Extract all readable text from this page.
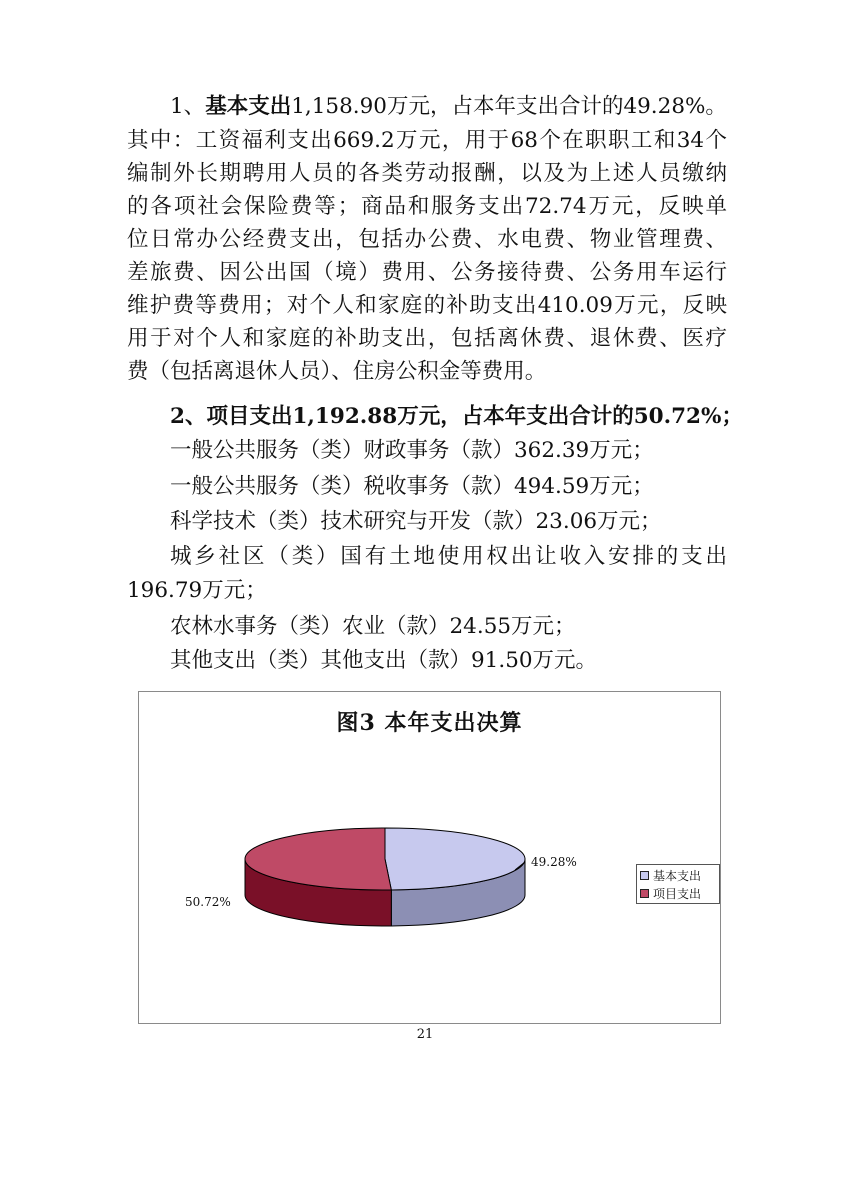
1、基本支出1,158.90万元，占本年支出合计的49.28%。
其中：工资福利支出669.2万元，用于68个在职职工和34个
编制外长期聘用人员的各类劳动报酬，以及为上述人员缴纳
的各项社会保险费等；商品和服务支出72.74万元，反映单
位日常办公经费支出，包括办公费、水电费、物业管理费、
差旅费、因公出国（境）费用、公务接待费、公务用车运行
维护费等费用；对个人和家庭的补助支出410.09万元，反映
用于对个人和家庭的补助支出，包括离休费、退休费、医疗
费（包括离退休人员）、住房公积金等费用。
2、项目支出1,192.88万元，占本年支出合计的50.72%；
一般公共服务（类）财政事务（款）362.39万元；
一般公共服务（类）税收事务（款）494.59万元；
科学技术（类）技术研究与开发（款）23.06万元；
城乡社区（类）国有土地使用权出让收入安排的支出
196.79万元；
农林水事务（类）农业（款）24.55万元；
其他支出（类）其他支出（款）91.50万元。
图3 本年支出决算
49.28%
50.72%
基本支出
项目支出
21
